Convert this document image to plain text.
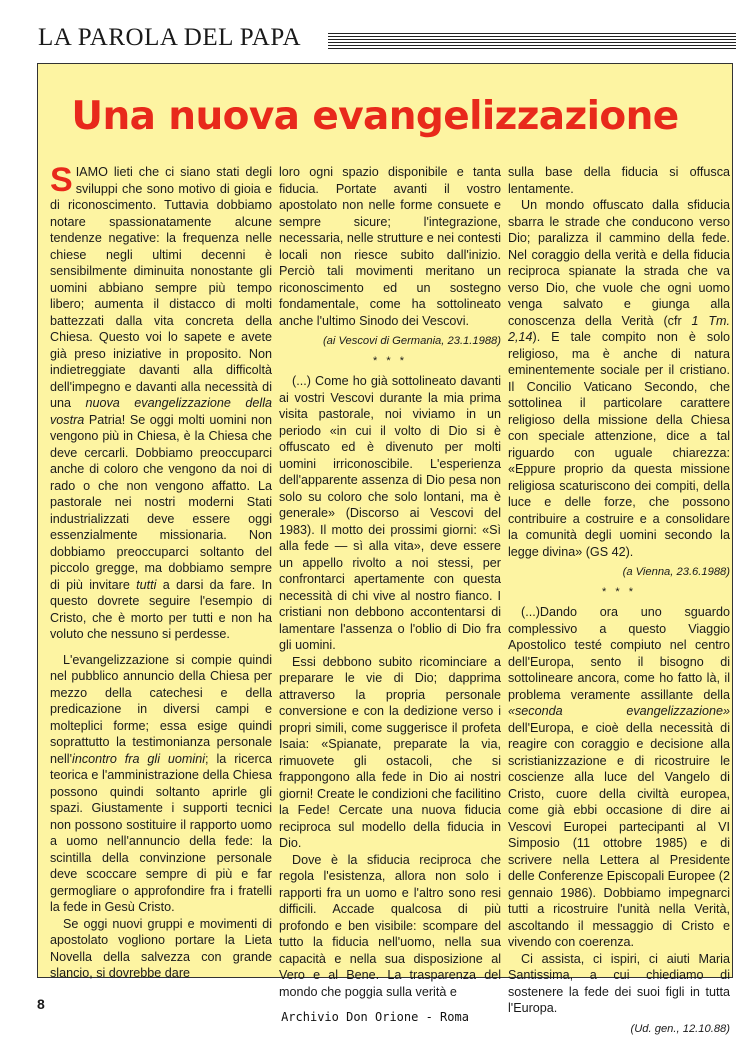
LA PAROLA DEL PAPA
Una nuova evangelizzazione

SIAMO lieti che ci siano stati degli sviluppi che sono motivo di gioia e di riconoscimento. Tuttavia dobbiamo notare spassionatamente alcune tendenze negative: la frequenza nelle chiese negli ultimi decenni è sensibilmente diminuita nonostante gli uomini abbiano sempre più tempo libero; aumenta il distacco di molti battezzati dalla vita concreta della Chiesa. Questo voi lo sapete e avete già preso iniziative in proposito. Non indietreggiate davanti alla difficoltà dell'impegno e davanti alla necessità di una nuova evangelizzazione della vostra Patria! Se oggi molti uomini non vengono più in Chiesa, è la Chiesa che deve cercarli. Dobbiamo preoccuparci anche di coloro che vengono da noi di rado o che non vengono affatto. La pastorale nei nostri moderni Stati industrializzati deve essere oggi essenzialmente missionaria. Non dobbiamo preoccuparci soltanto del piccolo gregge, ma dobbiamo sempre di più invitare tutti a darsi da fare. In questo dovrete seguire l'esempio di Cristo, che è morto per tutti e non ha voluto che nessuno si perdesse.

L'evangelizzazione si compie quindi nel pubblico annuncio della Chiesa per mezzo della catechesi e della predicazione in diversi campi e molteplici forme; essa esige quindi soprattutto la testimonianza personale nell'incontro fra gli uomini; la ricerca teorica e l'amministrazione della Chiesa possono quindi soltanto aprirle gli spazi. Giustamente i supporti tecnici non possono sostituire il rapporto uomo a uomo nell'annuncio della fede: la scintilla della convinzione personale deve scoccare sempre di più e far germogliare o approfondire fra i fratelli la fede in Gesù Cristo.

Se oggi nuovi gruppi e movimenti di apostolato vogliono portare la Lieta Novella della salvezza con grande slancio, si dovrebbe dare

loro ogni spazio disponibile e tanta fiducia. Portate avanti il vostro apostolato non nelle forme consuete e sempre sicure; l'integrazione, necessaria, nelle strutture e nei contesti locali non riesce subito dall'inizio. Perciò tali movimenti meritano un riconoscimento ed un sostegno fondamentale, come ha sottolineato anche l'ultimo Sinodo dei Vescovi.

(ai Vescovi di Germania, 23.1.1988)
* * *

(...) Come ho già sottolineato davanti ai vostri Vescovi durante la mia prima visita pastorale, noi viviamo in un periodo «in cui il volto di Dio si è offuscato ed è divenuto per molti uomini irriconoscibile. L'esperienza dell'apparente assenza di Dio pesa non solo su coloro che solo lontani, ma è generale» (Discorso ai Vescovi del 1983). Il motto dei prossimi giorni: «Sì alla fede — sì alla vita», deve essere un appello rivolto a noi stessi, per confrontarci apertamente con questa necessità di chi vive al nostro fianco. I cristiani non debbono accontentarsi di lamentare l'assenza o l'oblio di Dio fra gli uomini.

Essi debbono subito ricominciare a preparare le vie di Dio; dapprima attraverso la propria personale conversione e con la dedizione verso i propri simili, come suggerisce il profeta Isaia: «Spianate, preparate la via, rimuovete gli ostacoli, che si frappongono alla fede in Dio ai nostri giorni! Create le condizioni che facilitino la Fede! Cercate una nuova fiducia reciproca sul modello della fiducia in Dio.

Dove è la sfiducia reciproca che regola l'esistenza, allora non solo i rapporti fra un uomo e l'altro sono resi difficili. Accade qualcosa di più profondo e ben visibile: scompare del tutto la fiducia nell'uomo, nella sua capacità e nella sua disposizione al Vero e al Bene. La trasparenza del mondo che poggia sulla verità e

sulla base della fiducia si offusca lentamente.

Un mondo offuscato dalla sfiducia sbarra le strade che conducono verso Dio; paralizza il cammino della fede. Nel coraggio della verità e della fiducia reciproca spianate la strada che va verso Dio, che vuole che ogni uomo venga salvato e giunga alla conoscenza della Verità (cfr 1 Tm. 2,14). E tale compito non è solo religioso, ma è anche di natura eminentemente sociale per il cristiano. Il Concilio Vaticano Secondo, che sottolinea il particolare carattere religioso della missione della Chiesa con speciale attenzione, dice a tal riguardo con uguale chiarezza: «Eppure proprio da questa missione religiosa scaturiscono dei compiti, della luce e delle forze, che possono contribuire a costruire e a consolidare la comunità degli uomini secondo la legge divina» (GS 42).

(a Vienna, 23.6.1988)
* * *

(...)Dando ora uno sguardo complessivo a questo Viaggio Apostolico testé compiuto nel centro dell'Europa, sento il bisogno di sottolineare ancora, come ho fatto là, il problema veramente assillante della «seconda evangelizzazione» dell'Europa, e cioè della necessità di reagire con coraggio e decisione alla scristianizzazione e di ricostruire le coscienze alla luce del Vangelo di Cristo, cuore della civiltà europea, come già ebbi occasione di dire ai Vescovi Europei partecipanti al VI Simposio (11 ottobre 1985) e di scrivere nella Lettera al Presidente delle Conferenze Episcopali Europee (2 gennaio 1986). Dobbiamo impegnarci tutti a ricostruire l'unità nella Verità, ascoltando il messaggio di Cristo e vivendo con coerenza.

Ci assista, ci ispiri, ci aiuti Maria Santissima, a cui chiediamo di sostenere la fede dei suoi figli in tutta l'Europa.

(Ud. gen., 12.10.88)
8
Archivio Don Orione - Roma
